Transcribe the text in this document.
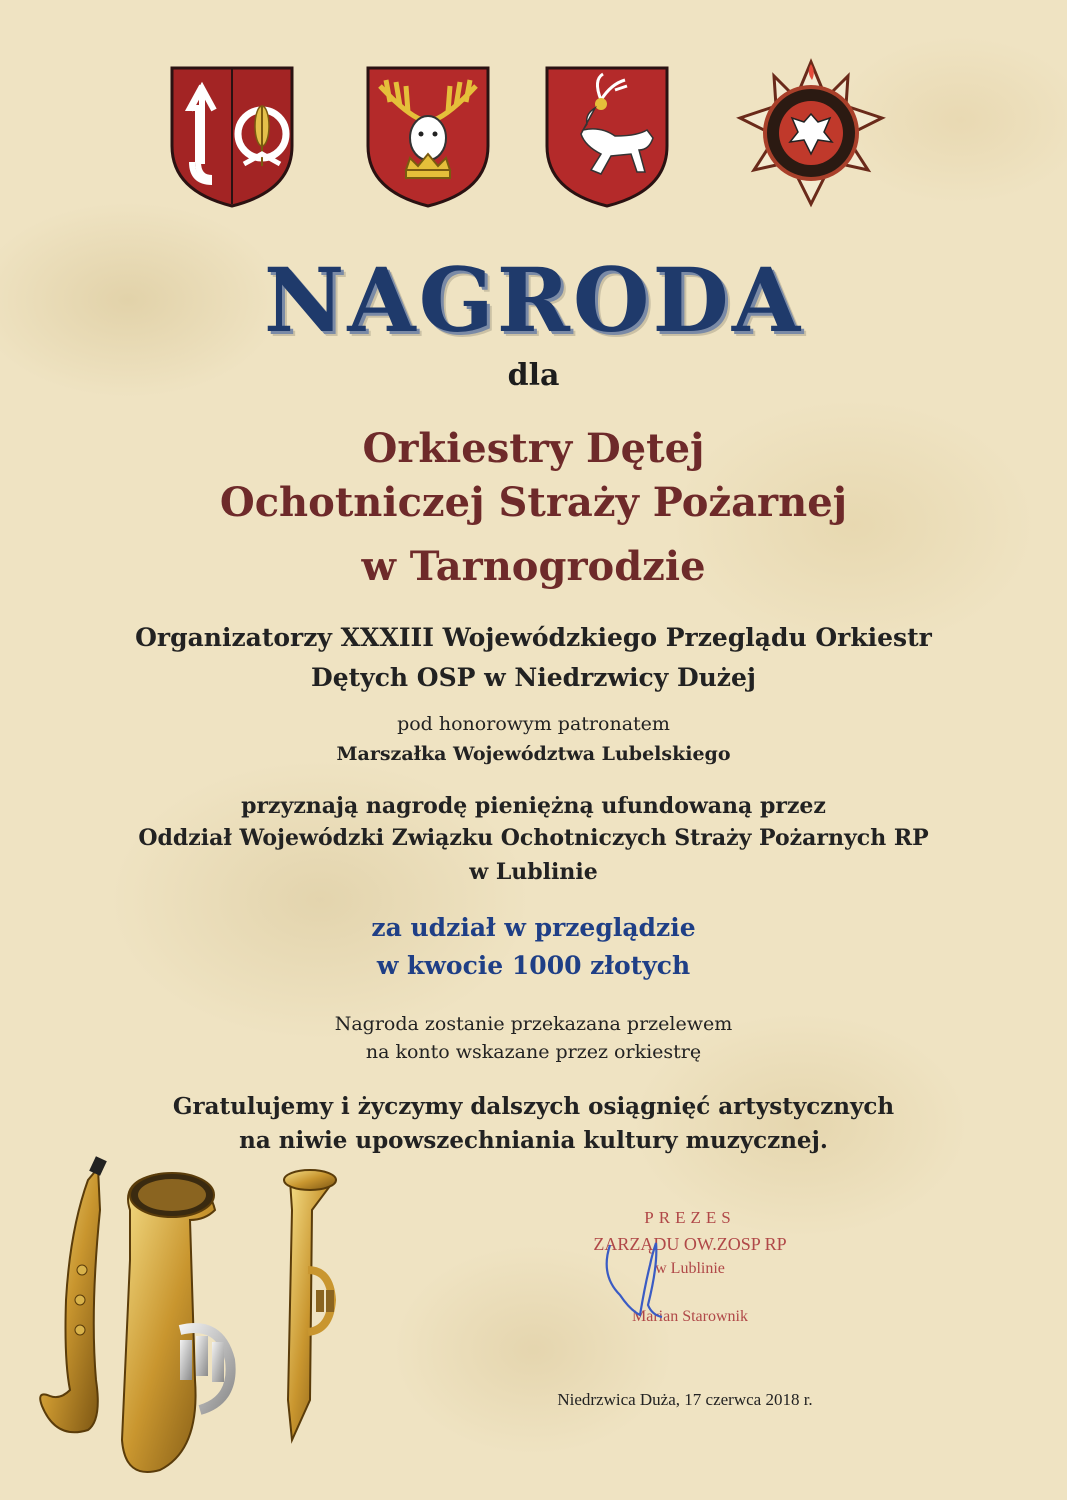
NAGRODA
dla
Orkiestry Dętej
Ochotniczej Straży Pożarnej
w Tarnogrodzie
Organizatorzy XXXIII Wojewódzkiego Przeglądu Orkiestr
Dętych OSP w Niedrzwicy Dużej
pod honorowym patronatem
Marszałka Województwa Lubelskiego
przyznają nagrodę pieniężną ufundowaną przez
Oddział Wojewódzki Związku Ochotniczych Straży Pożarnych RP
w Lublinie
za udział w przeglądzie
w kwocie 1000 złotych
Nagroda zostanie przekazana przelewem
na konto wskazane przez orkiestrę
Gratulujemy i życzymy dalszych osiągnięć artystycznych
na niwie upowszechniania kultury muzycznej.
PREZES
ZARZĄDU OW.ZOSP RP
w Lublinie
Marian Starownik
Niedrzwica Duża, 17 czerwca 2018 r.
